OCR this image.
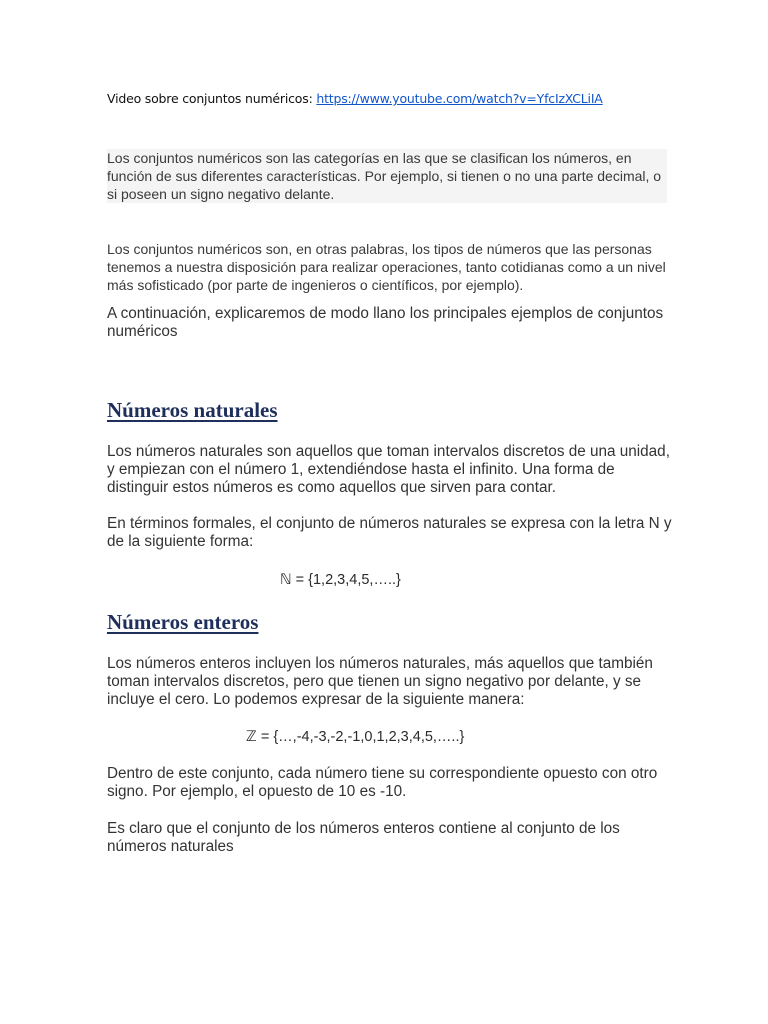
Video sobre conjuntos numéricos: https://www.youtube.com/watch?v=YfcIzXCLiIA

Los conjuntos numéricos son las categorías en las que se clasifican los números, en función de sus diferentes características. Por ejemplo, si tienen o no una parte decimal, o si poseen un signo negativo delante.

Los conjuntos numéricos son, en otras palabras, los tipos de números que las personas tenemos a nuestra disposición para realizar operaciones, tanto cotidianas como a un nivel más sofisticado (por parte de ingenieros o científicos, por ejemplo).

A continuación, explicaremos de modo llano los principales ejemplos de conjuntos numéricos

Números naturales

Los números naturales son aquellos que toman intervalos discretos de una unidad, y empiezan con el número 1, extendiéndose hasta el infinito. Una forma de distinguir estos números es como aquellos que sirven para contar.

En términos formales, el conjunto de números naturales se expresa con la letra N y de la siguiente forma:

ℕ = {1,2,3,4,5,…..}

Números enteros

Los números enteros incluyen los números naturales, más aquellos que también toman intervalos discretos, pero que tienen un signo negativo por delante, y se incluye el cero. Lo podemos expresar de la siguiente manera:

ℤ = {…,-4,-3,-2,-1,0,1,2,3,4,5,…..}

Dentro de este conjunto, cada número tiene su correspondiente opuesto con otro signo. Por ejemplo, el opuesto de 10 es -10.

Es claro que el conjunto de los números enteros contiene al conjunto de los números naturales
